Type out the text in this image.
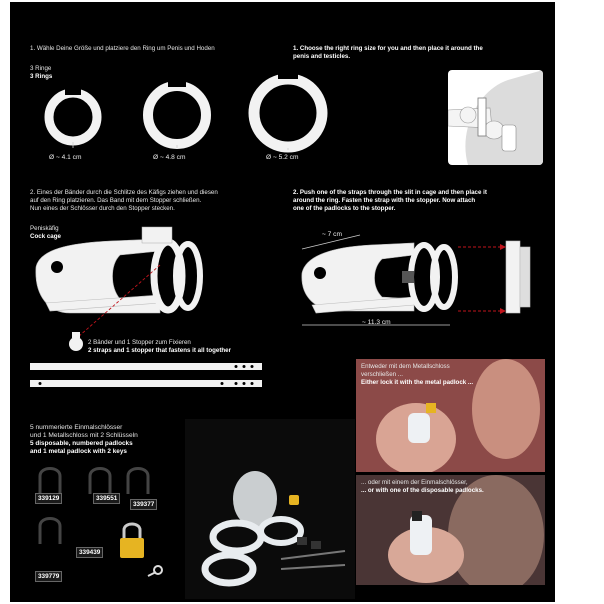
1. Wähle Deine Größe und platziere den Ring um Penis und Hoden	1. Choose the right ring size for you and then place it around the
penis and testicles.
3 Ringe
3 Rings
Ø ~ 4.1 cm	Ø ~ 4.8 cm	Ø ~ 5.2 cm
2. Eines der Bänder durch die Schlitze des Käfigs ziehen und diesen
auf den Ring platzieren. Das Band mit dem Stopper schließen.
Nun eines der Schlösser durch den Stopper stecken.
2. Push one of the straps through the slit in cage and then place it
around the ring. Fasten the strap with the stopper. Now attach
one of the padlocks to the stopper.
Peniskäfig
Cock cage	~ 7 cm
~ 11.3 cm
2 Bänder und 1 Stopper zum Fixieren
2 straps and 1 stopper that fastens it all together
5 nummerierte Einmalschlösser
und 1 Metallschloss mit 2 Schlüsseln
5 disposable, numbered padlocks
and 1 metal padlock with 2 keys
339129	339551
339377
339439
339779
Entweder mit dem Metallschloss
verschließen ...
Either lock it with the metal padlock ...
... oder mit einem der Einmalschlösser,
... or with one of the disposable padlocks.
